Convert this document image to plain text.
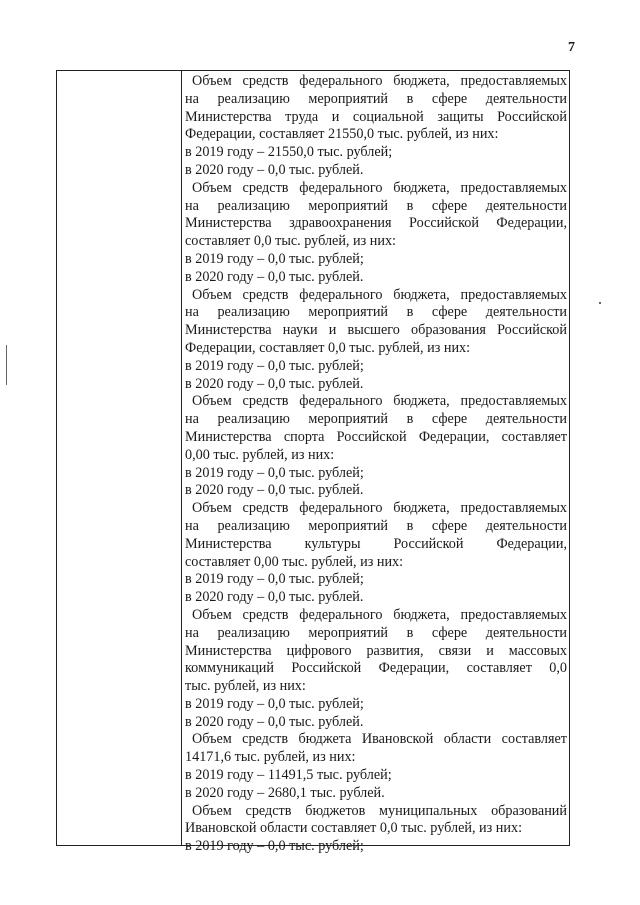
7
Объем средств федерального бюджета, предоставляемых
на реализацию мероприятий в сфере деятельности
Министерства труда и социальной защиты Российской
Федерации, составляет 21550,0 тыс. рублей, из них:
в 2019 году – 21550,0 тыс. рублей;
в 2020 году – 0,0 тыс. рублей.
Объем средств федерального бюджета, предоставляемых
на реализацию мероприятий в сфере деятельности
Министерства здравоохранения Российской Федерации,
составляет 0,0 тыс. рублей, из них:
в 2019 году – 0,0 тыс. рублей;
в 2020 году – 0,0 тыс. рублей.
Объем средств федерального бюджета, предоставляемых
на реализацию мероприятий в сфере деятельности
Министерства науки и высшего образования Российской
Федерации, составляет 0,0 тыс. рублей, из них:
в 2019 году – 0,0 тыс. рублей;
в 2020 году – 0,0 тыс. рублей.
Объем средств федерального бюджета, предоставляемых
на реализацию мероприятий в сфере деятельности
Министерства спорта Российской Федерации, составляет
0,00 тыс. рублей, из них:
в 2019 году – 0,0 тыс. рублей;
в 2020 году – 0,0 тыс. рублей.
Объем средств федерального бюджета, предоставляемых
на реализацию мероприятий в сфере деятельности
Министерства культуры Российской Федерации,
составляет 0,00 тыс. рублей, из них:
в 2019 году – 0,0 тыс. рублей;
в 2020 году – 0,0 тыс. рублей.
Объем средств федерального бюджета, предоставляемых
на реализацию мероприятий в сфере деятельности
Министерства цифрового развития, связи и массовых
коммуникаций Российской Федерации, составляет 0,0
тыс. рублей, из них:
в 2019 году – 0,0 тыс. рублей;
в 2020 году – 0,0 тыс. рублей.
Объем средств бюджета Ивановской области составляет
14171,6 тыс. рублей, из них:
в 2019 году – 11491,5 тыс. рублей;
в 2020 году – 2680,1 тыс. рублей.
Объем средств бюджетов муниципальных образований
Ивановской области составляет 0,0 тыс. рублей, из них:
в 2019 году – 0,0 тыс. рублей;
